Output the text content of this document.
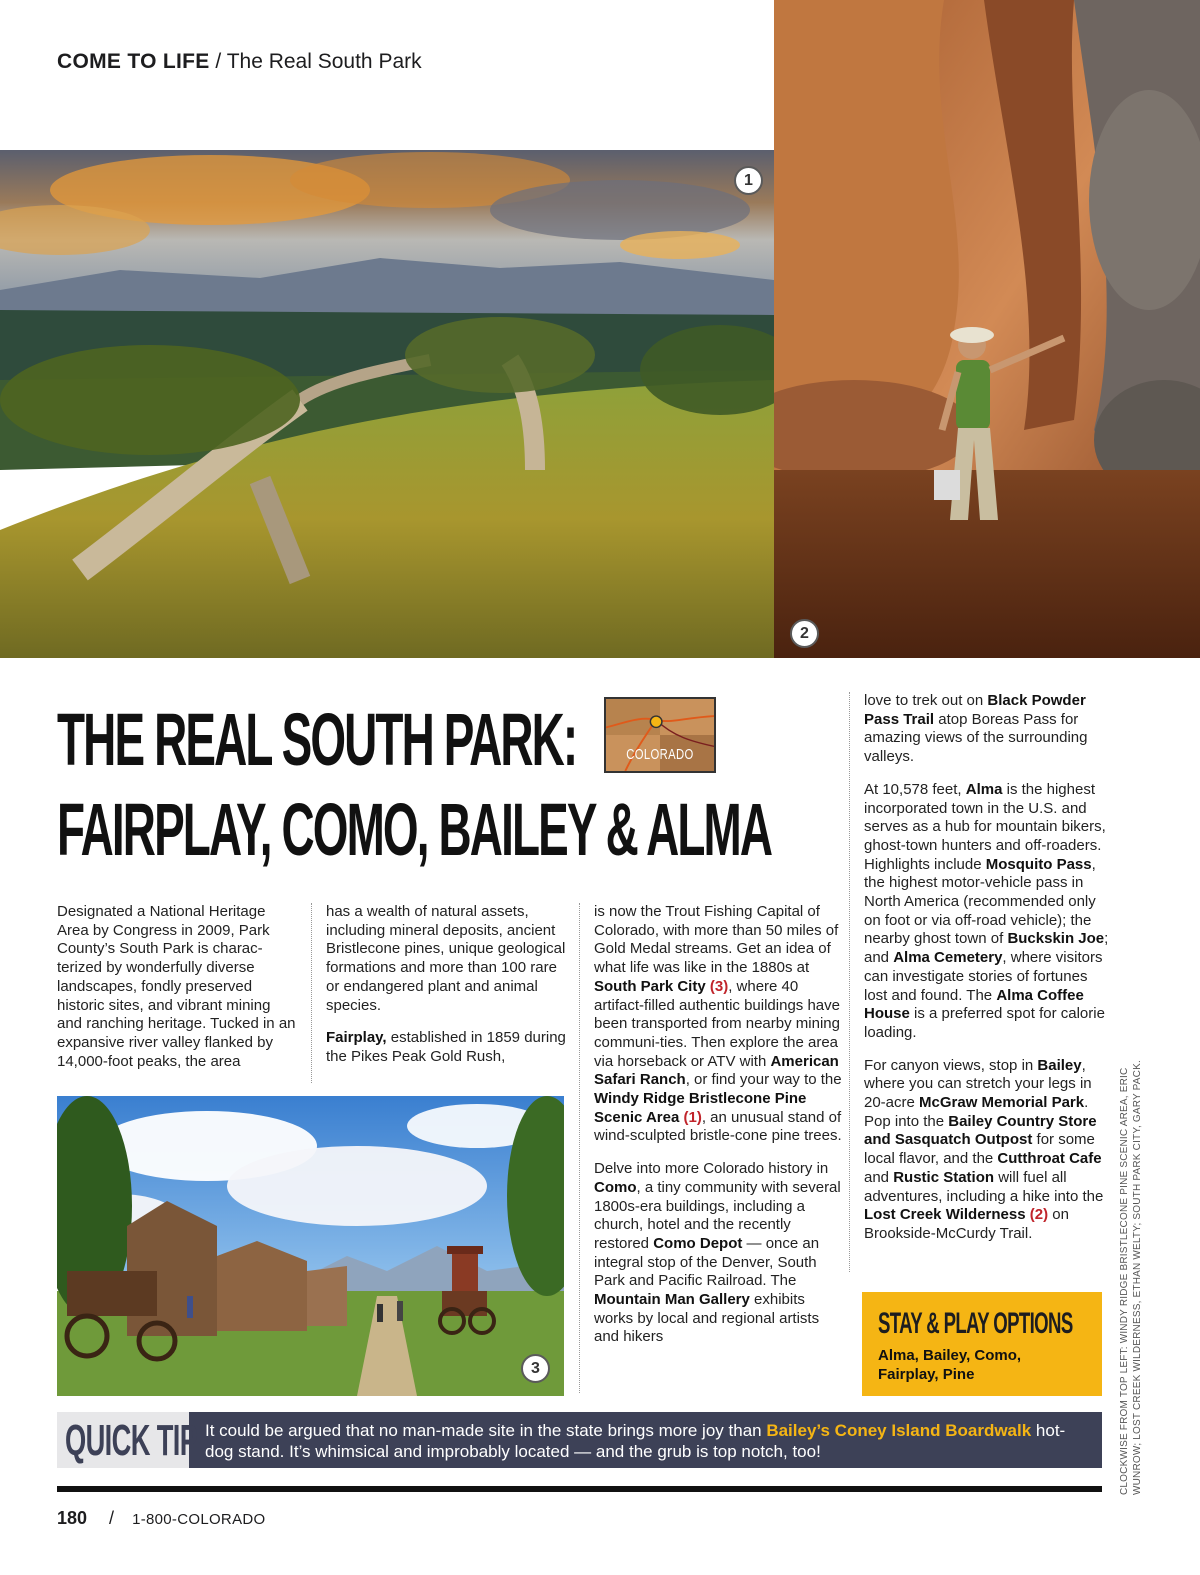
COME TO LIFE / The Real South Park
1
2
THE REAL SOUTH PARK:
FAIRPLAY, COMO, BAILEY & ALMA
COLORADO

Designated a National Heritage Area by Congress in 2009, Park County’s South Park is charac-terized by wonderfully diverse landscapes, fondly preserved historic sites, and vibrant mining and ranching heritage. Tucked in an expansive river valley flanked by 14,000-foot peaks, the area

has a wealth of natural assets, including mineral deposits, ancient Bristlecone pines, unique geological formations and more than 100 rare or endangered plant and animal species.

Fairplay, established in 1859 during the Pikes Peak Gold Rush,

3

is now the Trout Fishing Capital of Colorado, with more than 50 miles of Gold Medal streams. Get an idea of what life was like in the 1880s at South Park City (3), where 40 artifact-filled authentic buildings have been transported from nearby mining communi-ties. Then explore the area via horseback or ATV with American Safari Ranch, or find your way to the Windy Ridge Bristlecone Pine Scenic Area (1), an unusual stand of wind-sculpted bristle-cone pine trees.

Delve into more Colorado history in Como, a tiny community with several 1800s-era buildings, including a church, hotel and the recently restored Como Depot — once an integral stop of the Denver, South Park and Pacific Railroad. The Mountain Man Gallery exhibits works by local and regional artists and hikers

love to trek out on Black Powder Pass Trail atop Boreas Pass for amazing views of the surrounding valleys.

At 10,578 feet, Alma is the highest incorporated town in the U.S. and serves as a hub for mountain bikers, ghost-town hunters and off-roaders. Highlights include Mosquito Pass, the highest motor-vehicle pass in North America (recommended only on foot or via off-road vehicle); the nearby ghost town of Buckskin Joe; and Alma Cemetery, where visitors can investigate stories of fortunes lost and found. The Alma Coffee House is a preferred spot for calorie loading.

For canyon views, stop in Bailey, where you can stretch your legs in 20-acre McGraw Memorial Park. Pop into the Bailey Country Store and Sasquatch Outpost for some local flavor, and the Cutthroat Cafe and Rustic Station will fuel all adventures, including a hike into the Lost Creek Wilderness (2) on Brookside-McCurdy Trail.

STAY & PLAY OPTIONS
Alma, Bailey, Como,
Fairplay, Pine
QUICK TIP It could be argued that no man-made site in the state brings more joy than Bailey’s Coney Island Boardwalk hot-dog stand. It’s whimsical and improbably located — and the grub is top notch, too!
180 / 1-800-COLORADO
CLOCKWISE FROM TOP LEFT: WINDY RIDGE BRISTLECONE PINE SCENIC AREA, ERIC WUNROW; LOST CREEK WILDERNESS, ETHAN WELTY; SOUTH PARK CITY, GARY PACK.
